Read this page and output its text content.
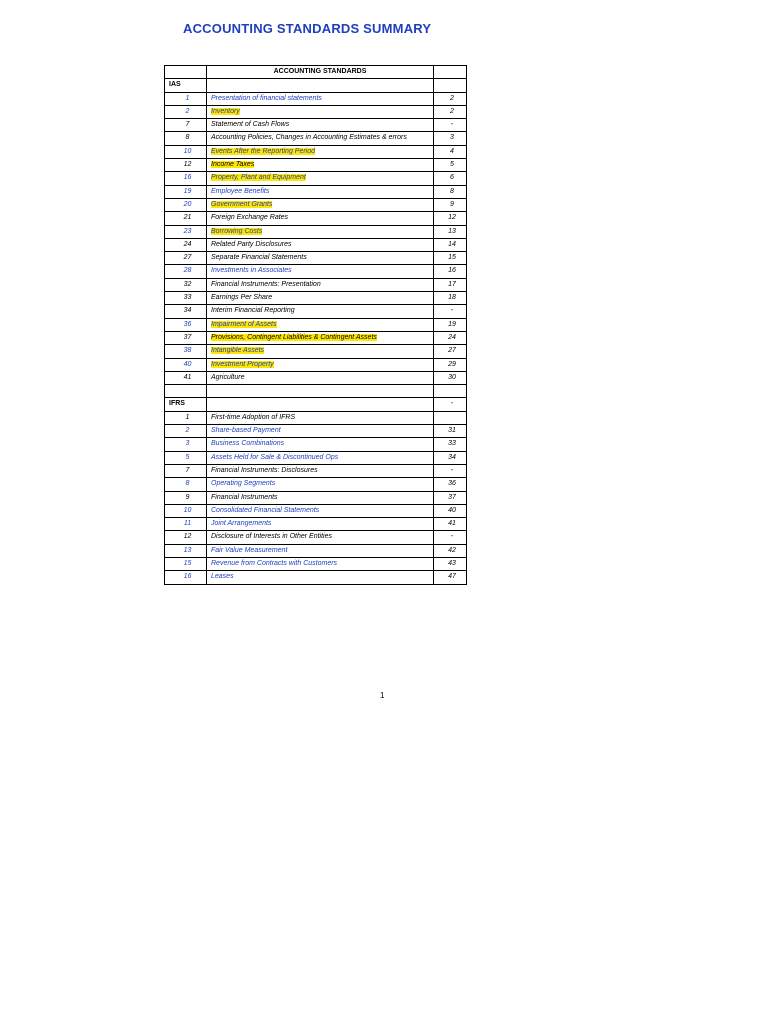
ACCOUNTING STANDARDS SUMMARY
	ACCOUNTING STANDARDS	
IAS		
1	Presentation of financial statements	2
2	Inventory	2
7	Statement of Cash Flows	-
8	Accounting Policies, Changes in Accounting Estimates & errors	3
10	Events After the Reporting Period	4
12	Income Taxes	5
16	Property, Plant and Equipment	6
19	Employee Benefits	8
20	Government Grants	9
21	Foreign Exchange Rates	12
23	Borrowing Costs	13
24	Related Party Disclosures	14
27	Separate Financial Statements	15
28	Investments in Associates	16
32	Financial Instruments: Presentation	17
33	Earnings Per Share	18
34	Interim Financial Reporting	-
36	Impairment of Assets	19
37	Provisions, Contingent Liabilities & Contingent Assets	24
38	Intangible Assets	27
40	Investment Property	29
41	Agriculture	30

IFRS		-
1	First-time Adoption of IFRS	
2	Share-based Payment	31
3	Business Combinations	33
5	Assets Held for Sale & Discontinued Ops	34
7	Financial Instruments: Disclosures	-
8	Operating Segments	36
9	Financial Instruments	37
10	Consolidated Financial Statements	40
11	Joint Arrangements	41
12	Disclosure of Interests in Other Entities	-
13	Fair Value Measurement	42
15	Revenue from Contracts with Customers	43
16	Leases	47
1
